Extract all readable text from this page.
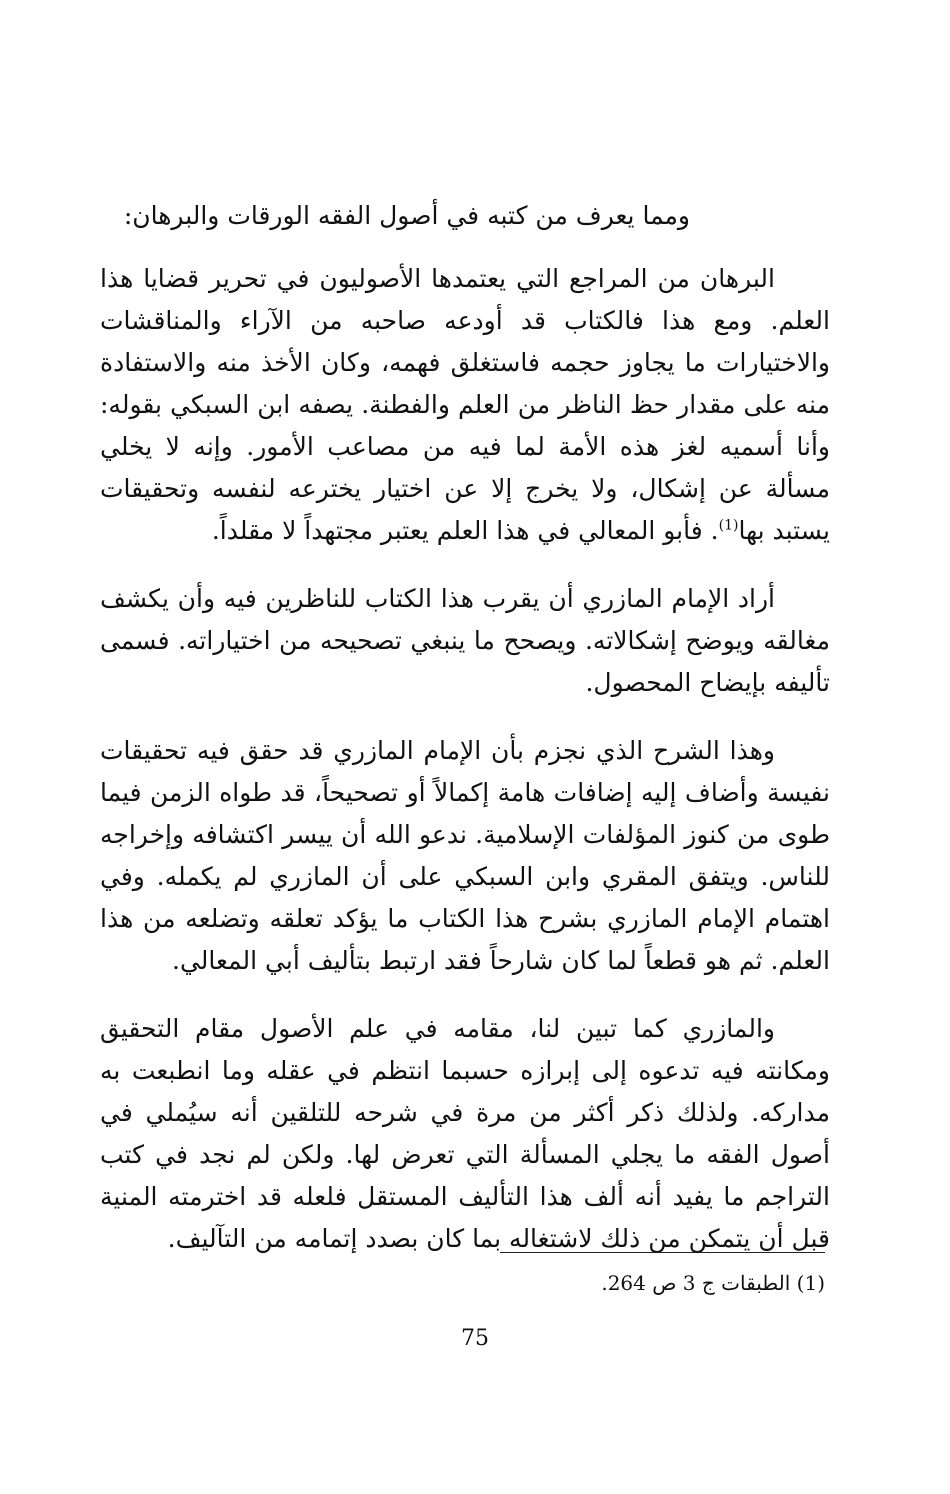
ومما يعرف من كتبه في أصول الفقه الورقات والبرهان:

البرهان من المراجع التي يعتمدها الأصوليون في تحرير قضايا هذا العلم. ومع هذا فالكتاب قد أودعه صاحبه من الآراء والمناقشات والاختيارات ما يجاوز حجمه فاستغلق فهمه، وكان الأخذ منه والاستفادة منه على مقدار حظ الناظر من العلم والفطنة. يصفه ابن السبكي بقوله: وأنا أسميه لغز هذه الأمة لما فيه من مصاعب الأمور. وإنه لا يخلي مسألة عن إشكال، ولا يخرج إلا عن اختيار يخترعه لنفسه وتحقيقات يستبد بها$^{(1)}$. فأبو المعالي في هذا العلم يعتبر مجتهداً لا مقلداً.

أراد الإمام المازري أن يقرب هذا الكتاب للناظرين فيه وأن يكشف مغالقه ويوضح إشكالاته. ويصحح ما ينبغي تصحيحه من اختياراته. فسمى تأليفه بإيضاح المحصول.

وهذا الشرح الذي نجزم بأن الإمام المازري قد حقق فيه تحقيقات نفيسة وأضاف إليه إضافات هامة إكمالاً أو تصحيحاً، قد طواه الزمن فيما طوى من كنوز المؤلفات الإسلامية. ندعو الله أن ييسر اكتشافه وإخراجه للناس. ويتفق المقري وابن السبكي على أن المازري لم يكمله. وفي اهتمام الإمام المازري بشرح هذا الكتاب ما يؤكد تعلقه وتضلعه من هذا العلم. ثم هو قطعاً لما كان شارحاً فقد ارتبط بتأليف أبي المعالي.

والمازري كما تبين لنا، مقامه في علم الأصول مقام التحقيق ومكانته فيه تدعوه إلى إبرازه حسبما انتظم في عقله وما انطبعت به مداركه. ولذلك ذكر أكثر من مرة في شرحه للتلقين أنه سيُملي في أصول الفقه ما يجلي المسألة التي تعرض لها. ولكن لم نجد في كتب التراجم ما يفيد أنه ألف هذا التأليف المستقل فلعله قد اخترمته المنية قبل أن يتمكن من ذلك لاشتغاله بما كان بصدد إتمامه من التآليف.

(1) الطبقات ج 3 ص 264.
75
